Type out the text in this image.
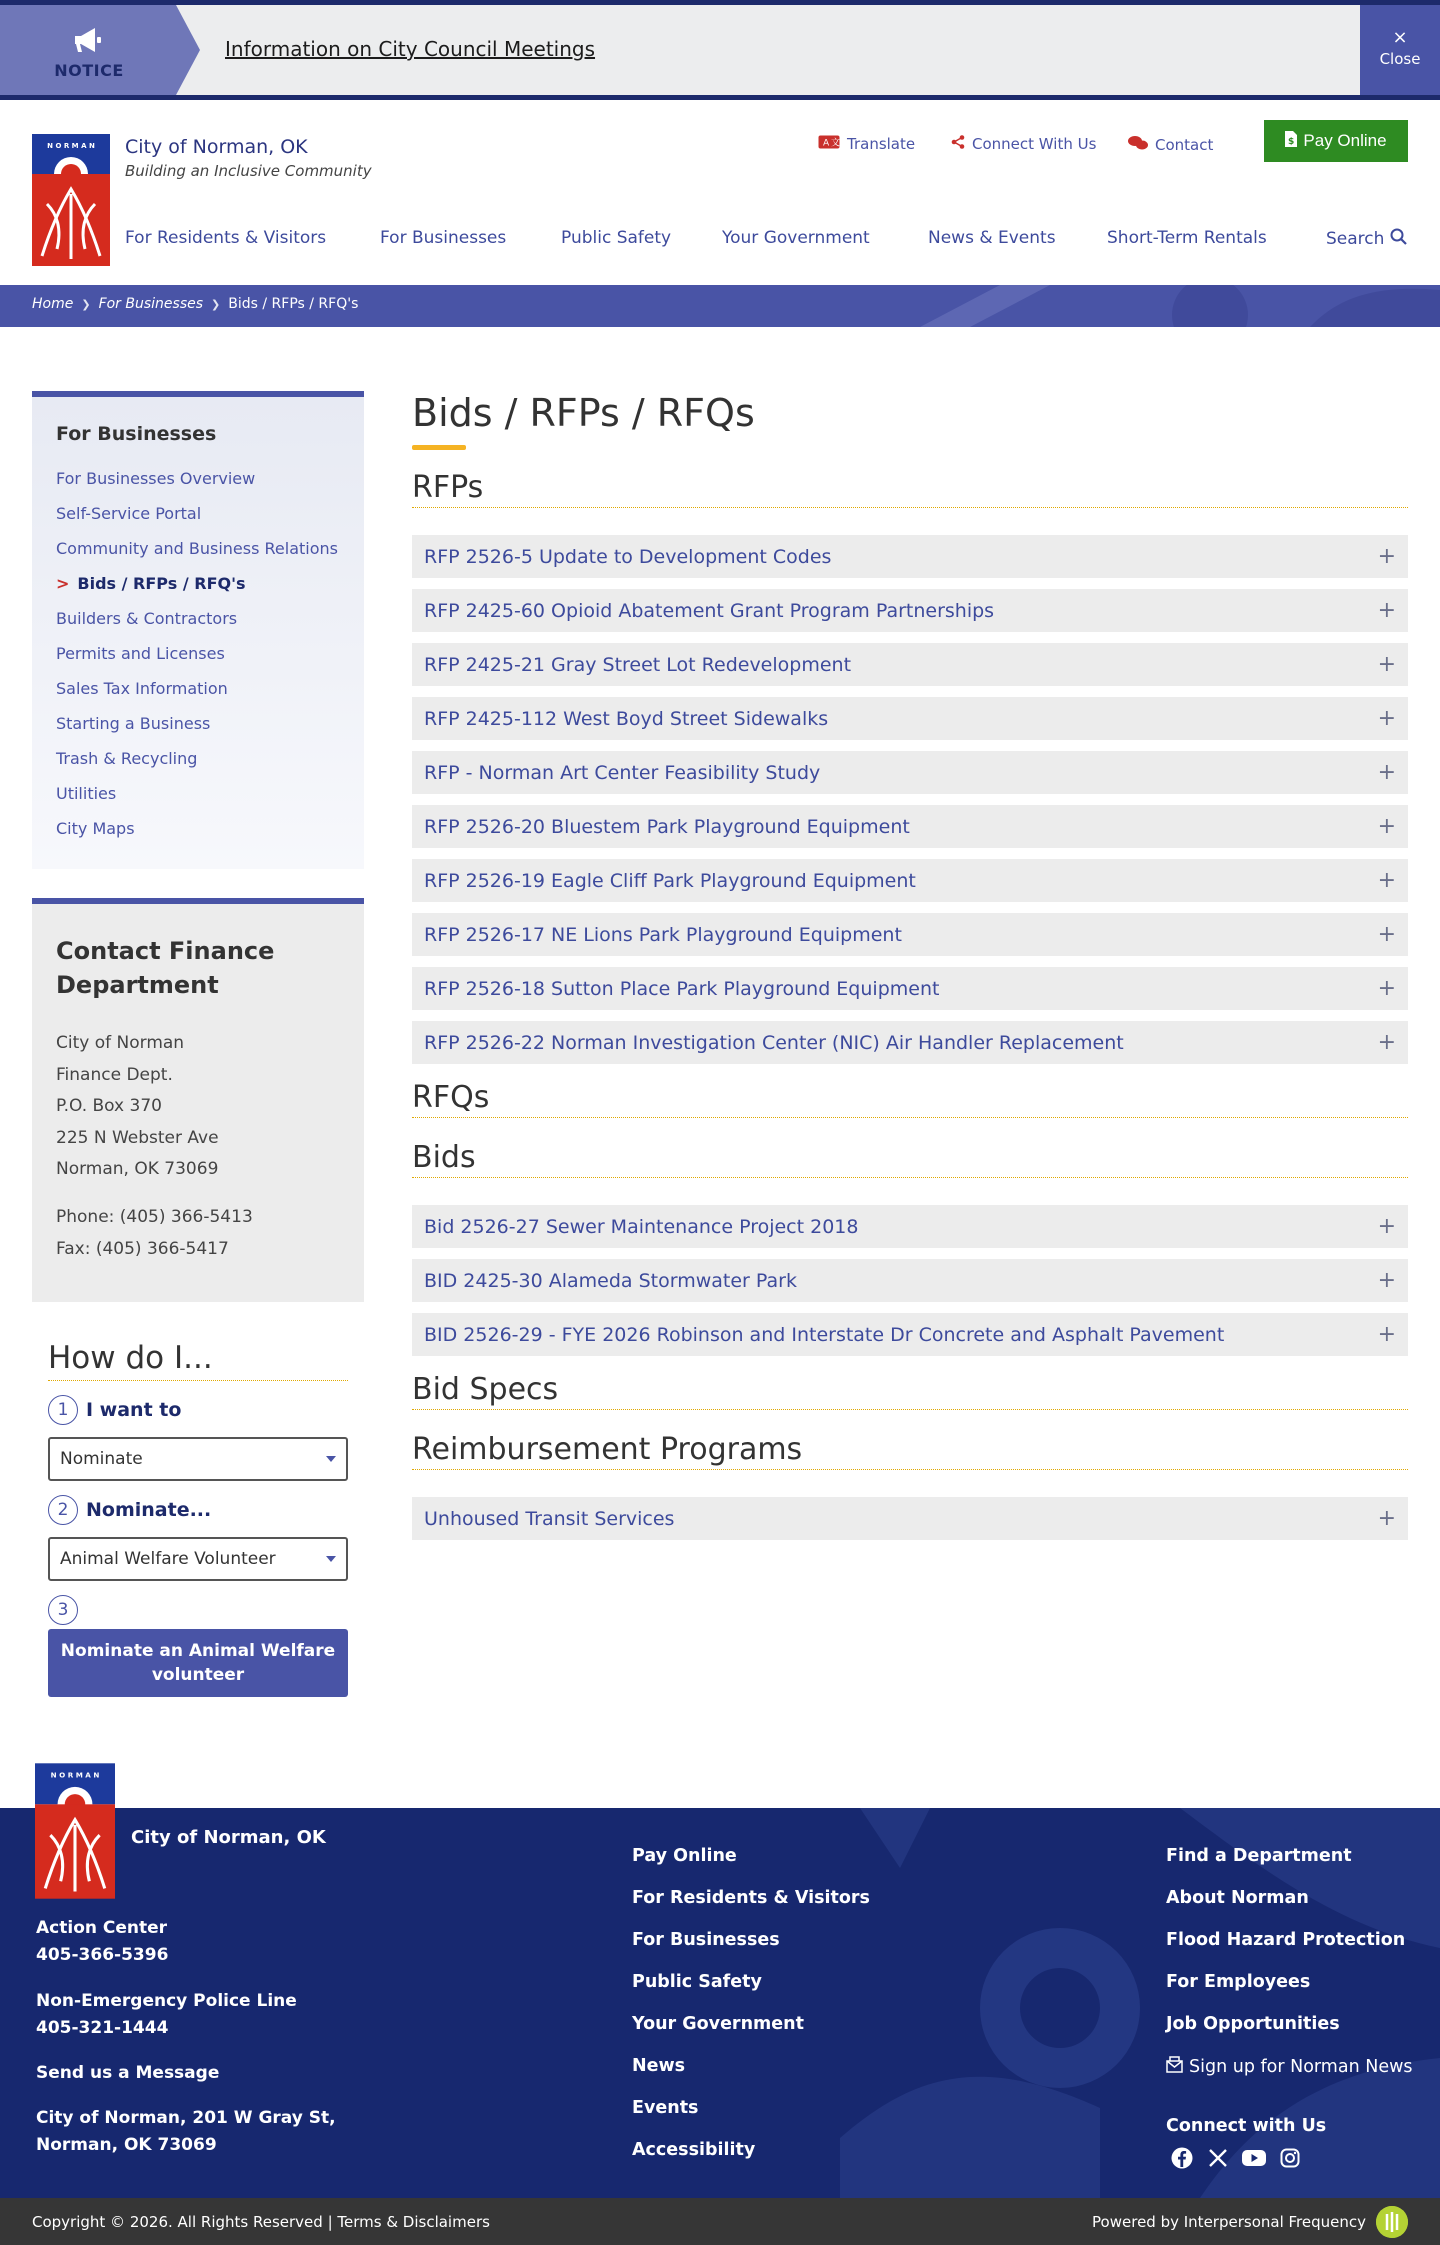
NOTICE
Information on City Council Meetings	×
Close
N O R M A N City of Norman, OK
Building an Inclusive Community
A 文 Translate	Connect With Us	Contact	$ Pay Online
For Residents & Visitors	For Businesses	Public Safety	Your Government	News & Events	Short-Term Rentals	Search
Home ❯ For Businesses ❯ Bids / RFPs / RFQ's
For Businesses
For Businesses Overview
Self-Service Portal
Community and Business Relations
> Bids / RFPs / RFQ's
Builders & Contractors
Permits and Licenses
Sales Tax Information
Starting a Business
Trash & Recycling
Utilities
City Maps
Contact Finance Department
City of Norman
Finance Dept.
P.O. Box 370
225 N Webster Ave
Norman, OK 73069
Phone: (405) 366-5413
Fax: (405) 366-5417
How do I...
1 I want to
Nominate
2 Nominate...
Animal Welfare Volunteer
3
Nominate an Animal Welfare volunteer
Bids / RFPs / RFQs
RFPs
RFP 2526-5 Update to Development Codes	+
RFP 2425-60 Opioid Abatement Grant Program Partnerships	+
RFP 2425-21 Gray Street Lot Redevelopment	+
RFP 2425-112 West Boyd Street Sidewalks	+
RFP - Norman Art Center Feasibility Study	+
RFP 2526-20 Bluestem Park Playground Equipment	+
RFP 2526-19 Eagle Cliff Park Playground Equipment	+
RFP 2526-17 NE Lions Park Playground Equipment	+
RFP 2526-18 Sutton Place Park Playground Equipment	+
RFP 2526-22 Norman Investigation Center (NIC) Air Handler Replacement	+
RFQs
Bids
Bid 2526-27 Sewer Maintenance Project 2018	+
BID 2425-30 Alameda Stormwater Park	+
BID 2526-29 - FYE 2026 Robinson and Interstate Dr Concrete and Asphalt Pavement	+
Bid Specs
Reimbursement Programs
Unhoused Transit Services	+
N O R M A N
City of Norman, OK
Action Center
405-366-5396
Non-Emergency Police Line
405-321-1444
Send us a Message
City of Norman, 201 W Gray St,
Norman, OK 73069
Pay Online
For Residents & Visitors
For Businesses
Public Safety
Your Government
News
Events
Accessibility
Find a Department
About Norman
Flood Hazard Protection
For Employees
Job Opportunities
Sign up for Norman News
Connect with Us
Copyright © 2026. All Rights Reserved | Terms & Disclaimers	Powered by Interpersonal Frequency
